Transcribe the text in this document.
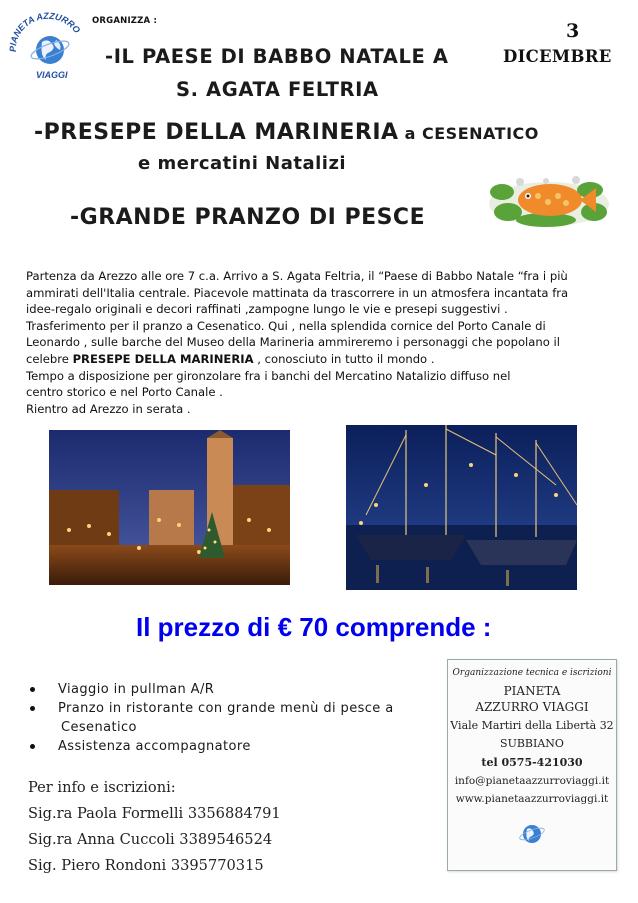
PIANETA AZZURRO
VIAGGI
ORGANIZZA :	3
DICEMBRE
-IL PAESE DI BABBO NATALE A
S. AGATA FELTRIA
-PRESEPE DELLA MARINERIA a CESENATICO
e mercatini Natalizi
-GRANDE PRANZO DI PESCE
Partenza da Arezzo alle ore 7 c.a. Arrivo a S. Agata Feltria, il “Paese di Babbo Natale “fra i più
ammirati dell'Italia centrale. Piacevole mattinata da trascorrere in un atmosfera incantata fra
idee-regalo originali e decori raffinati ,zampogne lungo le vie e presepi suggestivi .
Trasferimento per il pranzo a Cesenatico. Qui , nella splendida cornice del Porto Canale di
Leonardo , sulle barche del Museo della Marineria ammireremo i personaggi che popolano il
celebre PRESEPE DELLA MARINERIA , conosciuto in tutto il mondo .
Tempo a disposizione per gironzolare fra i banchi del Mercatino Natalizio diffuso nel
centro storico e nel Porto Canale .
Rientro ad Arezzo in serata .
Il prezzo di € 70 comprende :
Viaggio in pullman A/R
Pranzo in ristorante con grande menù di pesce a
Cesenatico
Assistenza accompagnatore
Per info e iscrizioni:
Sig.ra Paola Formelli 3356884791
Sig.ra Anna Cuccoli 3389546524
Sig. Piero Rondoni 3395770315
Organizzazione tecnica e iscrizioni
PIANETA
AZZURRO VIAGGI
Viale Martiri della Libertà 32
SUBBIANO
tel 0575-421030
info@pianetaazzurroviaggi.it
www.pianetaazzurroviaggi.it
